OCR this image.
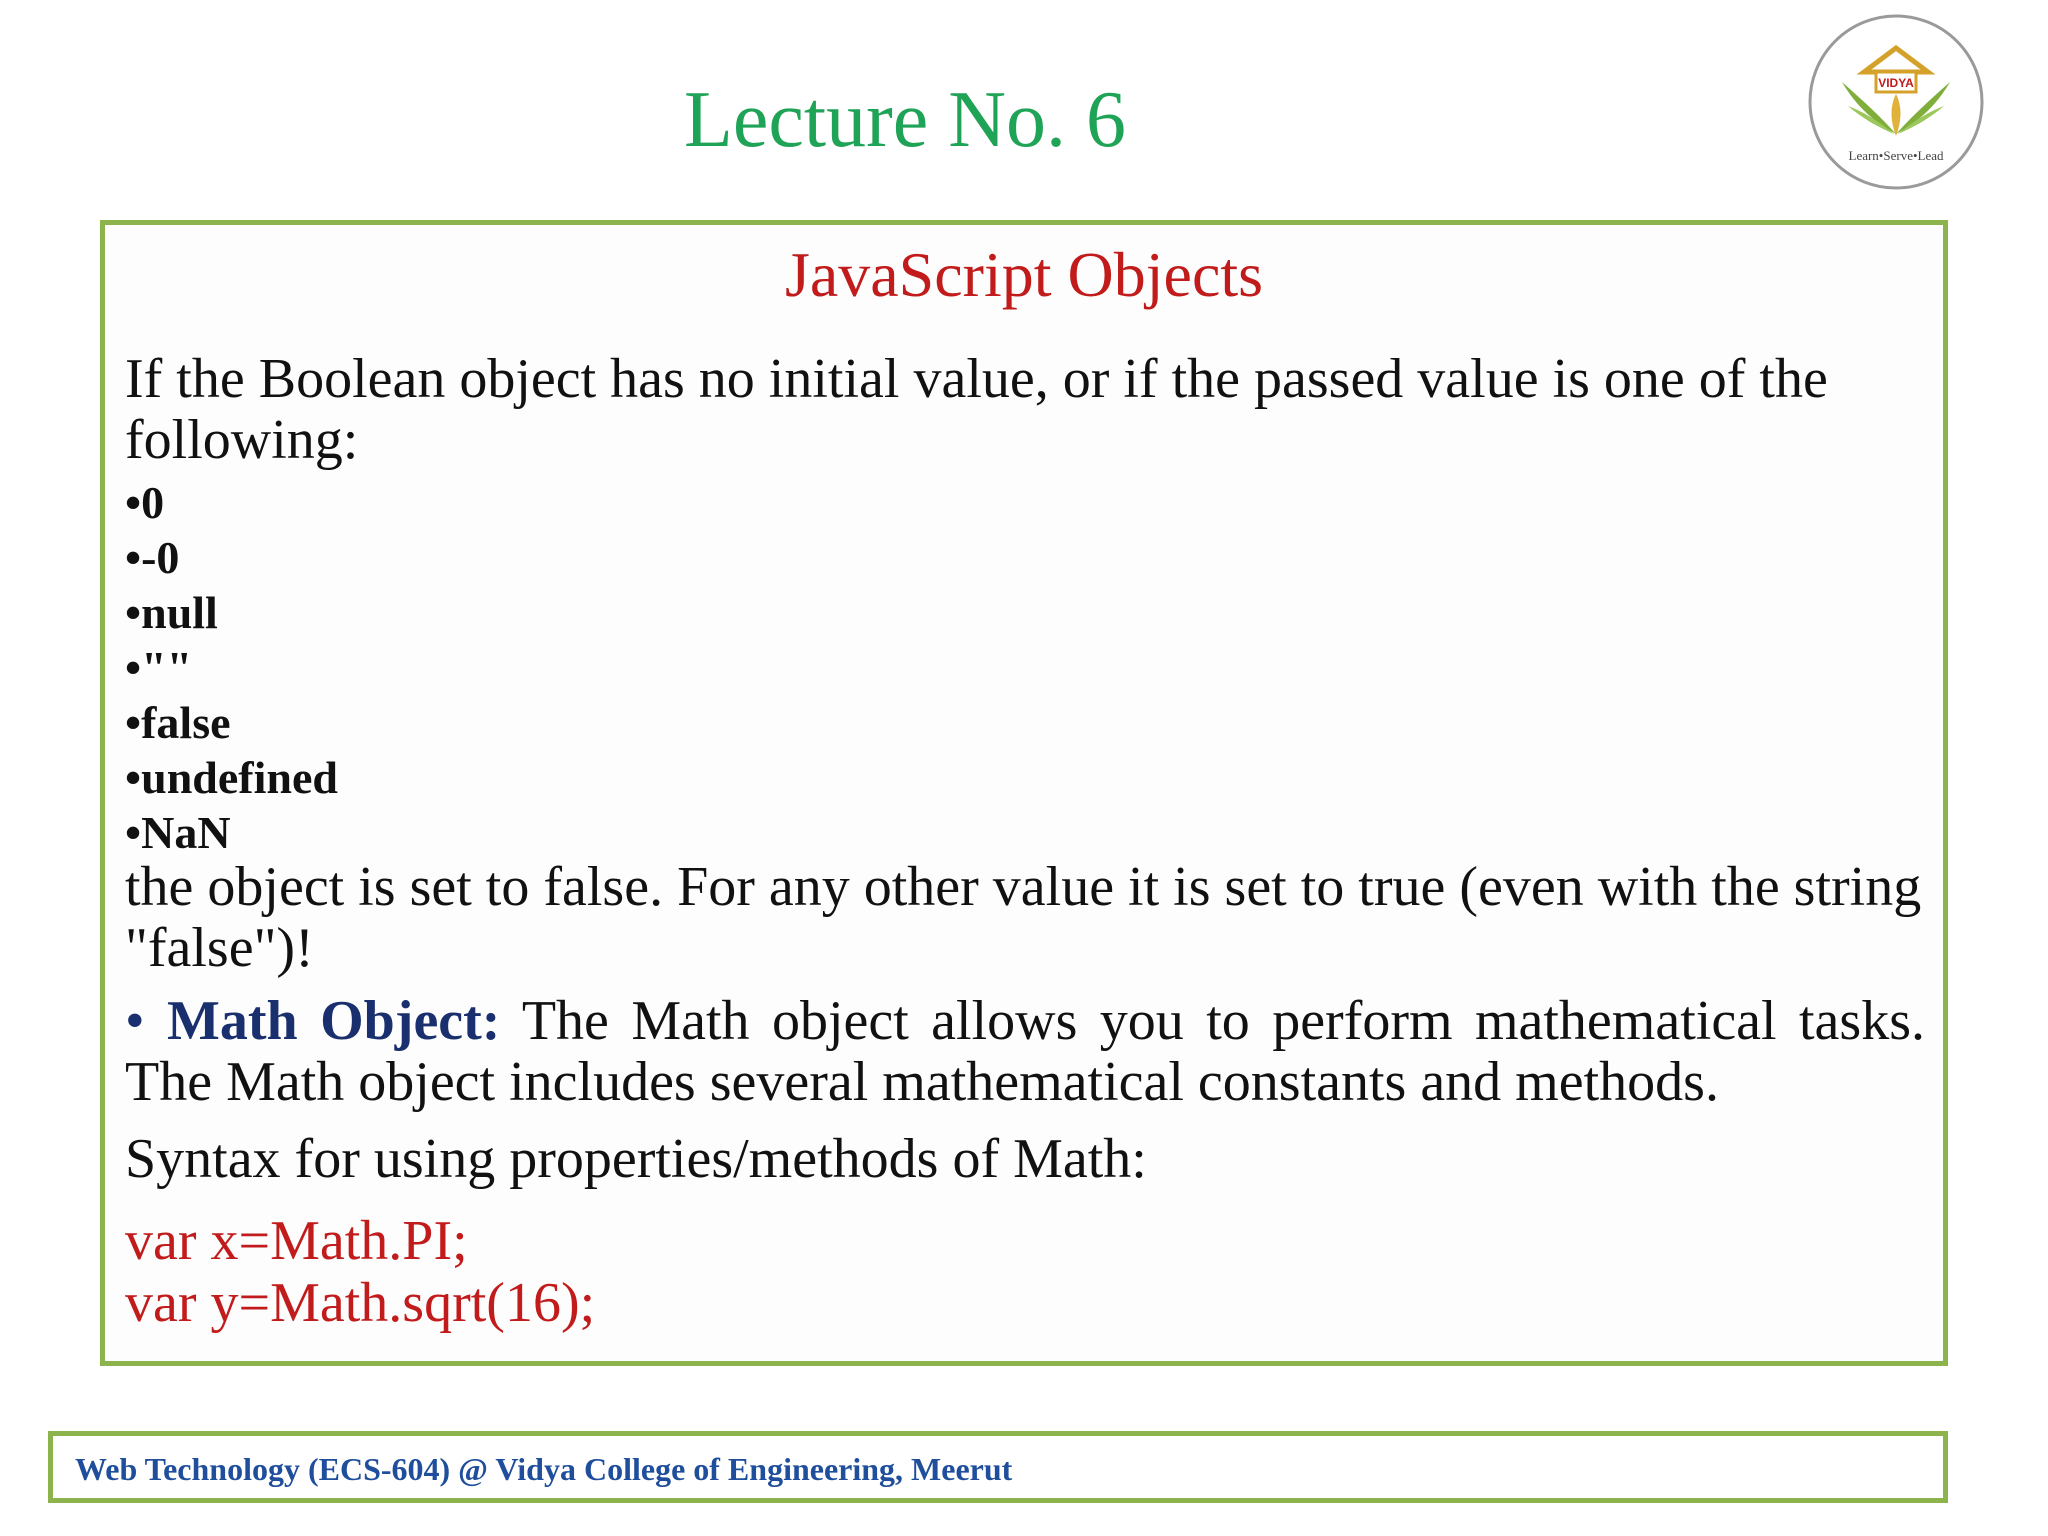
Lecture No. 6	VIDYA
Learn•Serve•Lead
JavaScript Objects
If the Boolean object has no initial value, or if the passed value is one of the following:
•0
•-0
•null
•""
•false
•undefined
•NaN
the object is set to false. For any other value it is set to true (even with the string "false")!
• Math Object: The Math object allows you to perform mathematical tasks. The Math object includes several mathematical constants and methods.
Syntax for using properties/methods of Math:
var x=Math.PI;
var y=Math.sqrt(16);
Web Technology (ECS-604) @ Vidya College of Engineering, Meerut
